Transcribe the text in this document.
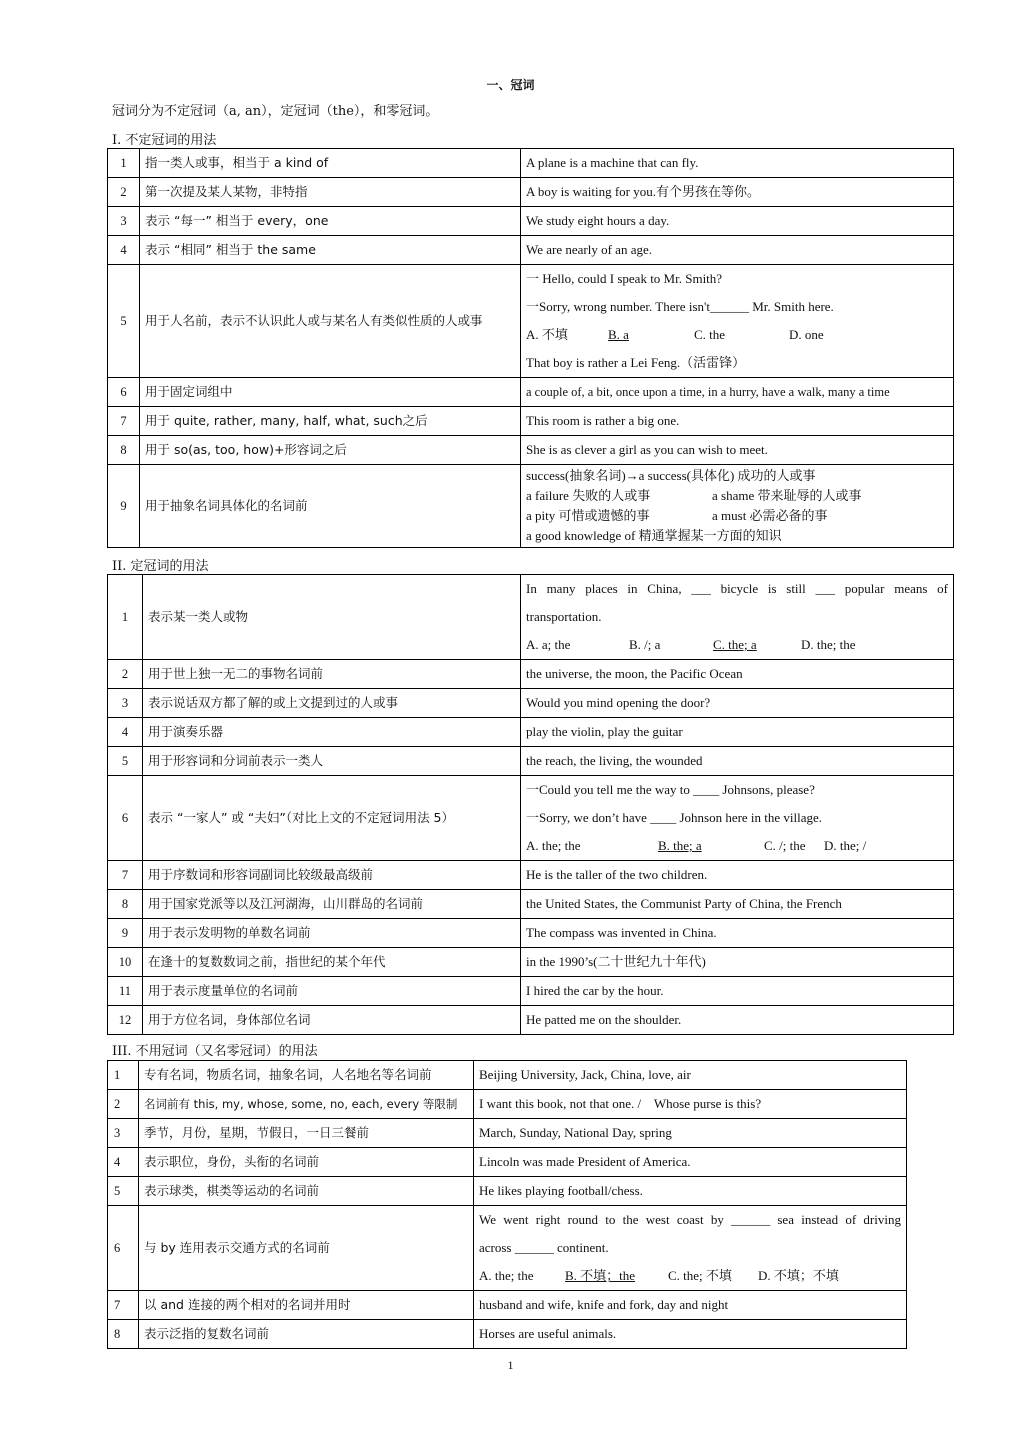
一、冠词
冠词分为不定冠词（a, an），定冠词（the），和零冠词。
I. 不定冠词的用法
1	指一类人或事，相当于 a kind of	A plane is a machine that can fly.
2	第一次提及某人某物，非特指	A boy is waiting for you.有个男孩在等你。
3	表示 “每一” 相当于 every，one	We study eight hours a day.
4	表示 “相同” 相当于 the same	We are nearly of an age.
5	用于人名前，表示不认识此人或与某名人有类似性质的人或事	一 Hello, could I speak to Mr. Smith?
一Sorry, wrong number. There isn't______ Mr. Smith here.
A. 不填 B. a C. the D. one
That boy is rather a Lei Feng.（活雷锋）

6	用于固定词组中	a couple of, a bit, once upon a time, in a hurry, have a walk, many a time
7	用于 quite, rather, many, half, what, such之后	This room is rather a big one.
8	用于 so(as, too, how)+形容词之后	She is as clever a girl as you can wish to meet.
9	用于抽象名词具体化的名词前	success(抽象名词)→a success(具体化) 成功的人或事
a failure 失败的人或事 a shame 带来耻辱的人或事
a pity 可惜或遗憾的事 a must 必需必备的事
a good knowledge of 精通掌握某一方面的知识
II. 定冠词的用法
1	表示某一类人或物	In many places in China, ___ bicycle is still ___ popular means of
transportation.
A. a; the B. /; a C. the; a D. the; the

2	用于世上独一无二的事物名词前	the universe, the moon, the Pacific Ocean
3	表示说话双方都了解的或上文提到过的人或事	Would you mind opening the door?
4	用于演奏乐器	play the violin, play the guitar
5	用于形容词和分词前表示一类人	the reach, the living, the wounded
6	表示 “一家人” 或 “夫妇”（对比上文的不定冠词用法 5）	一Could you tell me the way to ____ Johnsons, please?
一Sorry, we don’t have ____ Johnson here in the village.
A. the; the B. the; a C. /; the D. the; /

7	用于序数词和形容词副词比较级最高级前	He is the taller of the two children.
8	用于国家党派等以及江河湖海，山川群岛的名词前	the United States, the Communist Party of China, the French
9	用于表示发明物的单数名词前	The compass was invented in China.
10	在逢十的复数数词之前，指世纪的某个年代	in the 1990’s(二十世纪九十年代)
11	用于表示度量单位的名词前	I hired the car by the hour.
12	用于方位名词，身体部位名词	He patted me on the shoulder.
III. 不用冠词（又名零冠词）的用法
1	专有名词，物质名词，抽象名词，人名地名等名词前	Beijing University, Jack, China, love, air
2	名词前有 this, my, whose, some, no, each, every 等限制	I want this book, not that one. /    Whose purse is this?
3	季节，月份，星期，节假日，一日三餐前	March, Sunday, National Day, spring
4	表示职位，身份，头衔的名词前	Lincoln was made President of America.
5	表示球类，棋类等运动的名词前	He likes playing football/chess.
6	与 by 连用表示交通方式的名词前	We went right round to the west coast by ______ sea instead of driving
across ______ continent.
A. the; the B. 不填；the C. the; 不填 D. 不填；不填

7	以 and 连接的两个相对的名词并用时	husband and wife, knife and fork, day and night
8	表示泛指的复数名词前	Horses are useful animals.
1
